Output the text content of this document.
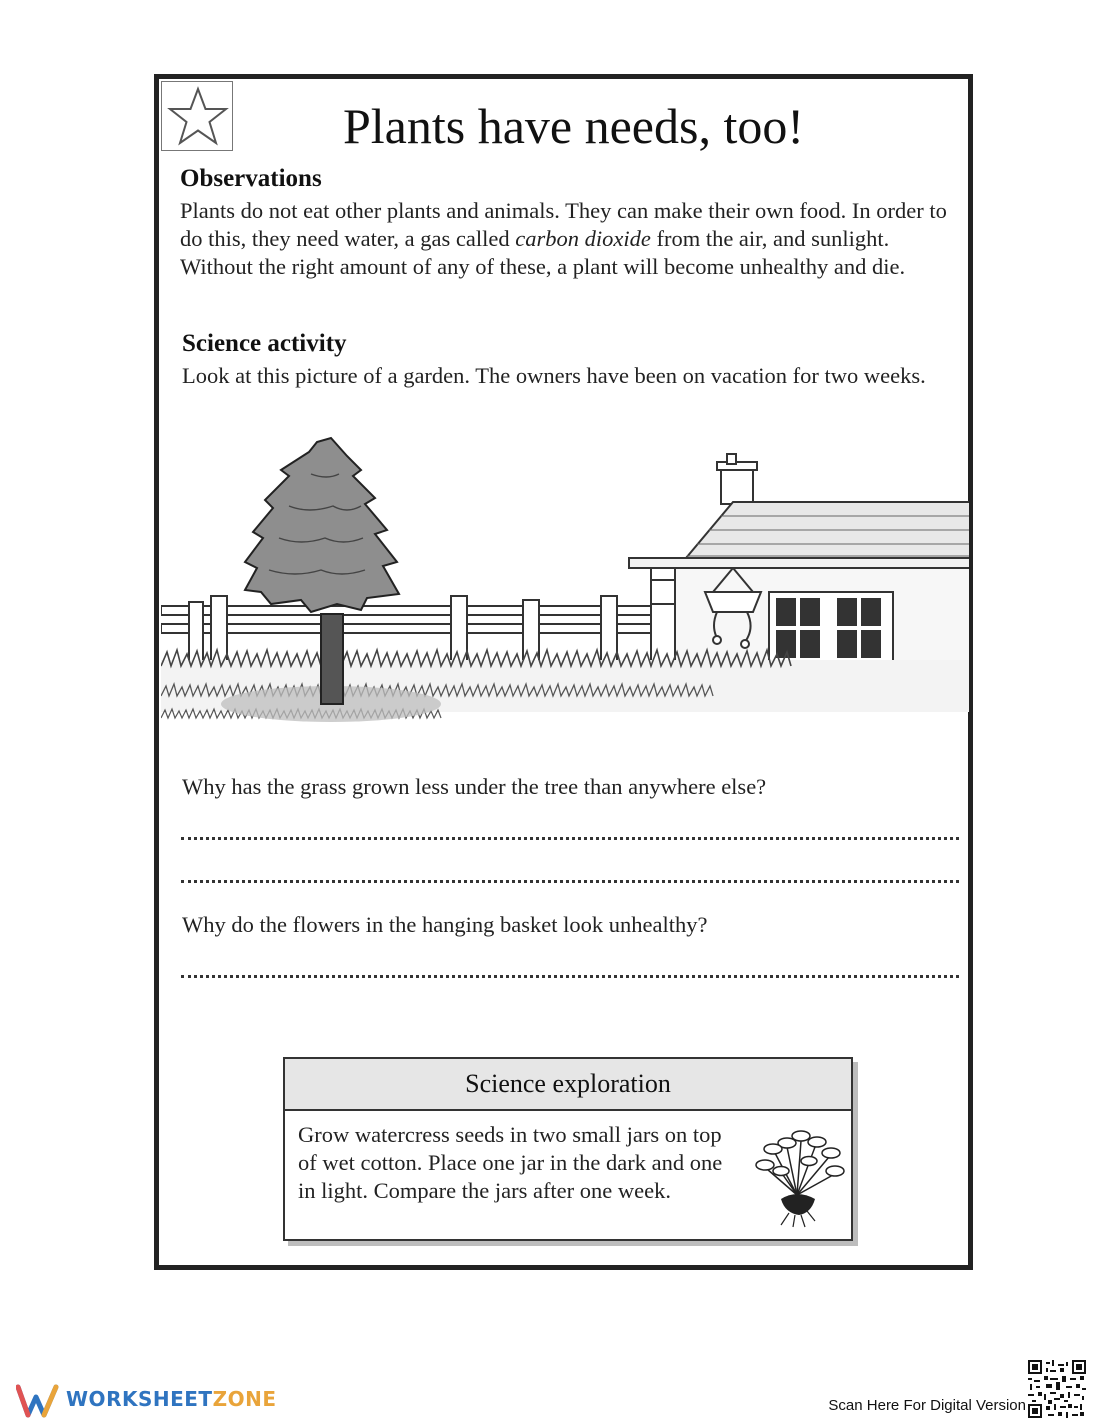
Plants have needs, too!
Observations
Plants do not eat other plants and animals. They can make their own food. In order to do this, they need water, a gas called carbon dioxide from the air, and sunlight. Without the right amount of any of these, a plant will become unhealthy and die.
Science activity
Look at this picture of a garden. The owners have been on vacation for two weeks.
Why has the grass grown less under the tree than anywhere else?
Why do the flowers in the hanging basket look unhealthy?
Science exploration
Grow watercress seeds in two small jars on top of wet cotton. Place one jar in the dark and one in light. Compare the jars after one week.
WORKSHEETZONE	Scan Here For Digital Version
